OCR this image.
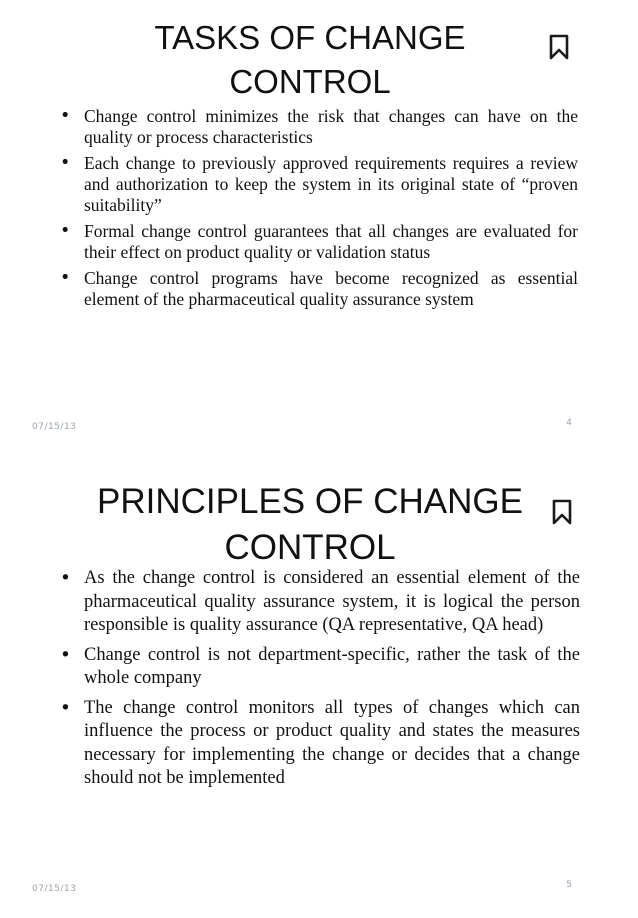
TASKS OF CHANGE
CONTROL
• Change control minimizes the risk that changes can have on the quality or process characteristics
• Each change to previously approved requirements requires a review and authorization to keep the system in its original state of “proven suitability”
• Formal change control guarantees that all changes are evaluated for their effect on product quality or validation status
• Change control programs have become recognized as essential element of the pharmaceutical quality assurance system
07/15/13	4
PRINCIPLES OF CHANGE
CONTROL
• As the change control is considered an essential element of the pharmaceutical quality assurance system, it is logical the person responsible is quality assurance (QA representative, QA head)
• Change control is not department-specific, rather the task of the whole company
• The change control monitors all types of changes which can influence the process or product quality and states the measures necessary for implementing the change or decides that a change should not be implemented
07/15/13	5
